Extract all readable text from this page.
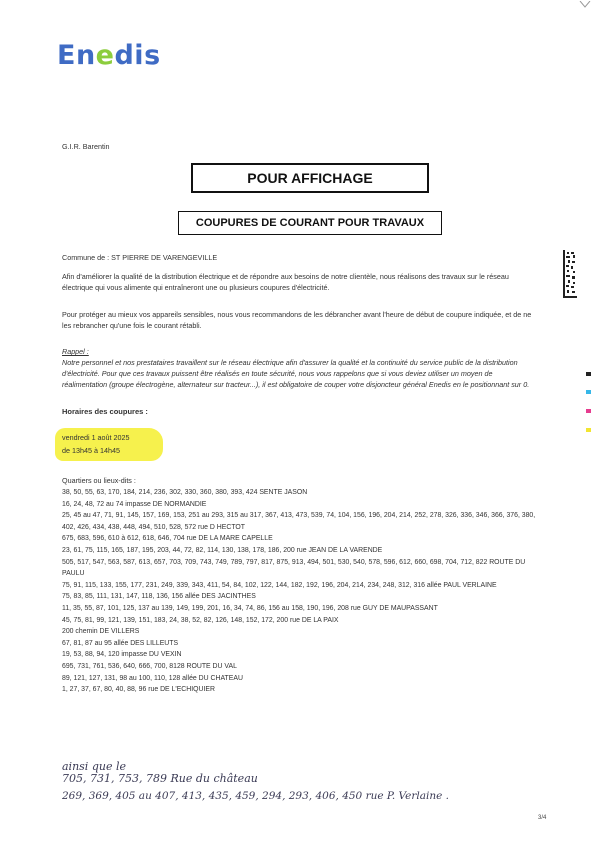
Enedis
G.I.R. Barentin
POUR AFFICHAGE
COUPURES DE COURANT POUR TRAVAUX
Commune de : ST PIERRE DE VARENGEVILLE
Afin d'améliorer la qualité de la distribution électrique et de répondre aux besoins de notre clientèle, nous réalisons des travaux sur le réseau électrique qui vous alimente qui entraîneront une ou plusieurs coupures d'électricité.
Pour protéger au mieux vos appareils sensibles, nous vous recommandons de les débrancher avant l'heure de début de coupure indiquée, et de ne les rebrancher qu'une fois le courant rétabli.
Rappel :
Notre personnel et nos prestataires travaillent sur le réseau électrique afin d'assurer la qualité et la continuité du service public de la distribution d'électricité. Pour que ces travaux puissent être réalisés en toute sécurité, nous vous rappelons que si vous deviez utiliser un moyen de réalimentation (groupe électrogène, alternateur sur tracteur...), il est obligatoire de couper votre disjoncteur général Enedis en le positionnant sur 0.
Horaires des coupures :
vendredi 1 août 2025
de 13h45 à 14h45
Quartiers ou lieux-dits :
38, 50, 55, 63, 170, 184, 214, 236, 302, 330, 360, 380, 393, 424 SENTE JASON
16, 24, 48, 72 au 74 impasse DE NORMANDIE
25, 45 au 47, 71, 91, 145, 157, 169, 153, 251 au 293, 315 au 317, 367, 413, 473, 539, 74, 104, 156, 196, 204, 214, 252, 278, 326, 336, 346, 366, 376, 380, 402, 426, 434, 438, 448, 494, 510, 528, 572 rue D HECTOT
675, 683, 596, 610 à 612, 618, 646, 704 rue DE LA MARE CAPELLE
23, 61, 75, 115, 165, 187, 195, 203, 44, 72, 82, 114, 130, 138, 178, 186, 200 rue JEAN DE LA VARENDE
505, 517, 547, 563, 587, 613, 657, 703, 709, 743, 749, 789, 797, 817, 875, 913, 494, 501, 530, 540, 578, 596, 612, 660, 698, 704, 712, 822 ROUTE DU PAULU
75, 91, 115, 133, 155, 177, 231, 249, 339, 343, 411, 54, 84, 102, 122, 144, 182, 192, 196, 204, 214, 234, 248, 312, 316 allée PAUL VERLAINE
75, 83, 85, 111, 131, 147, 118, 136, 156 allée DES JACINTHES
11, 35, 55, 87, 101, 125, 137 au 139, 149, 199, 201, 16, 34, 74, 86, 156 au 158, 190, 196, 208 rue GUY DE MAUPASSANT
45, 75, 81, 99, 121, 139, 151, 183, 24, 38, 52, 82, 126, 148, 152, 172, 200 rue DE LA PAIX
200 chemin DE VILLERS
67, 81, 87 au 95 allée DES LILLEUTS
19, 53, 88, 94, 120 impasse DU VEXIN
695, 731, 761, 536, 640, 666, 700, 8128 ROUTE DU VAL
89, 121, 127, 131, 98 au 100, 110, 128 allée DU CHATEAU
1, 27, 37, 67, 80, 40, 88, 96 rue DE L'ECHIQUIER
ainsi que le
705, 731, 753, 789 Rue du château
269, 369, 405 au 407, 413, 435, 459, 294, 293, 406, 450 rue P. Verlaine .
3/4
